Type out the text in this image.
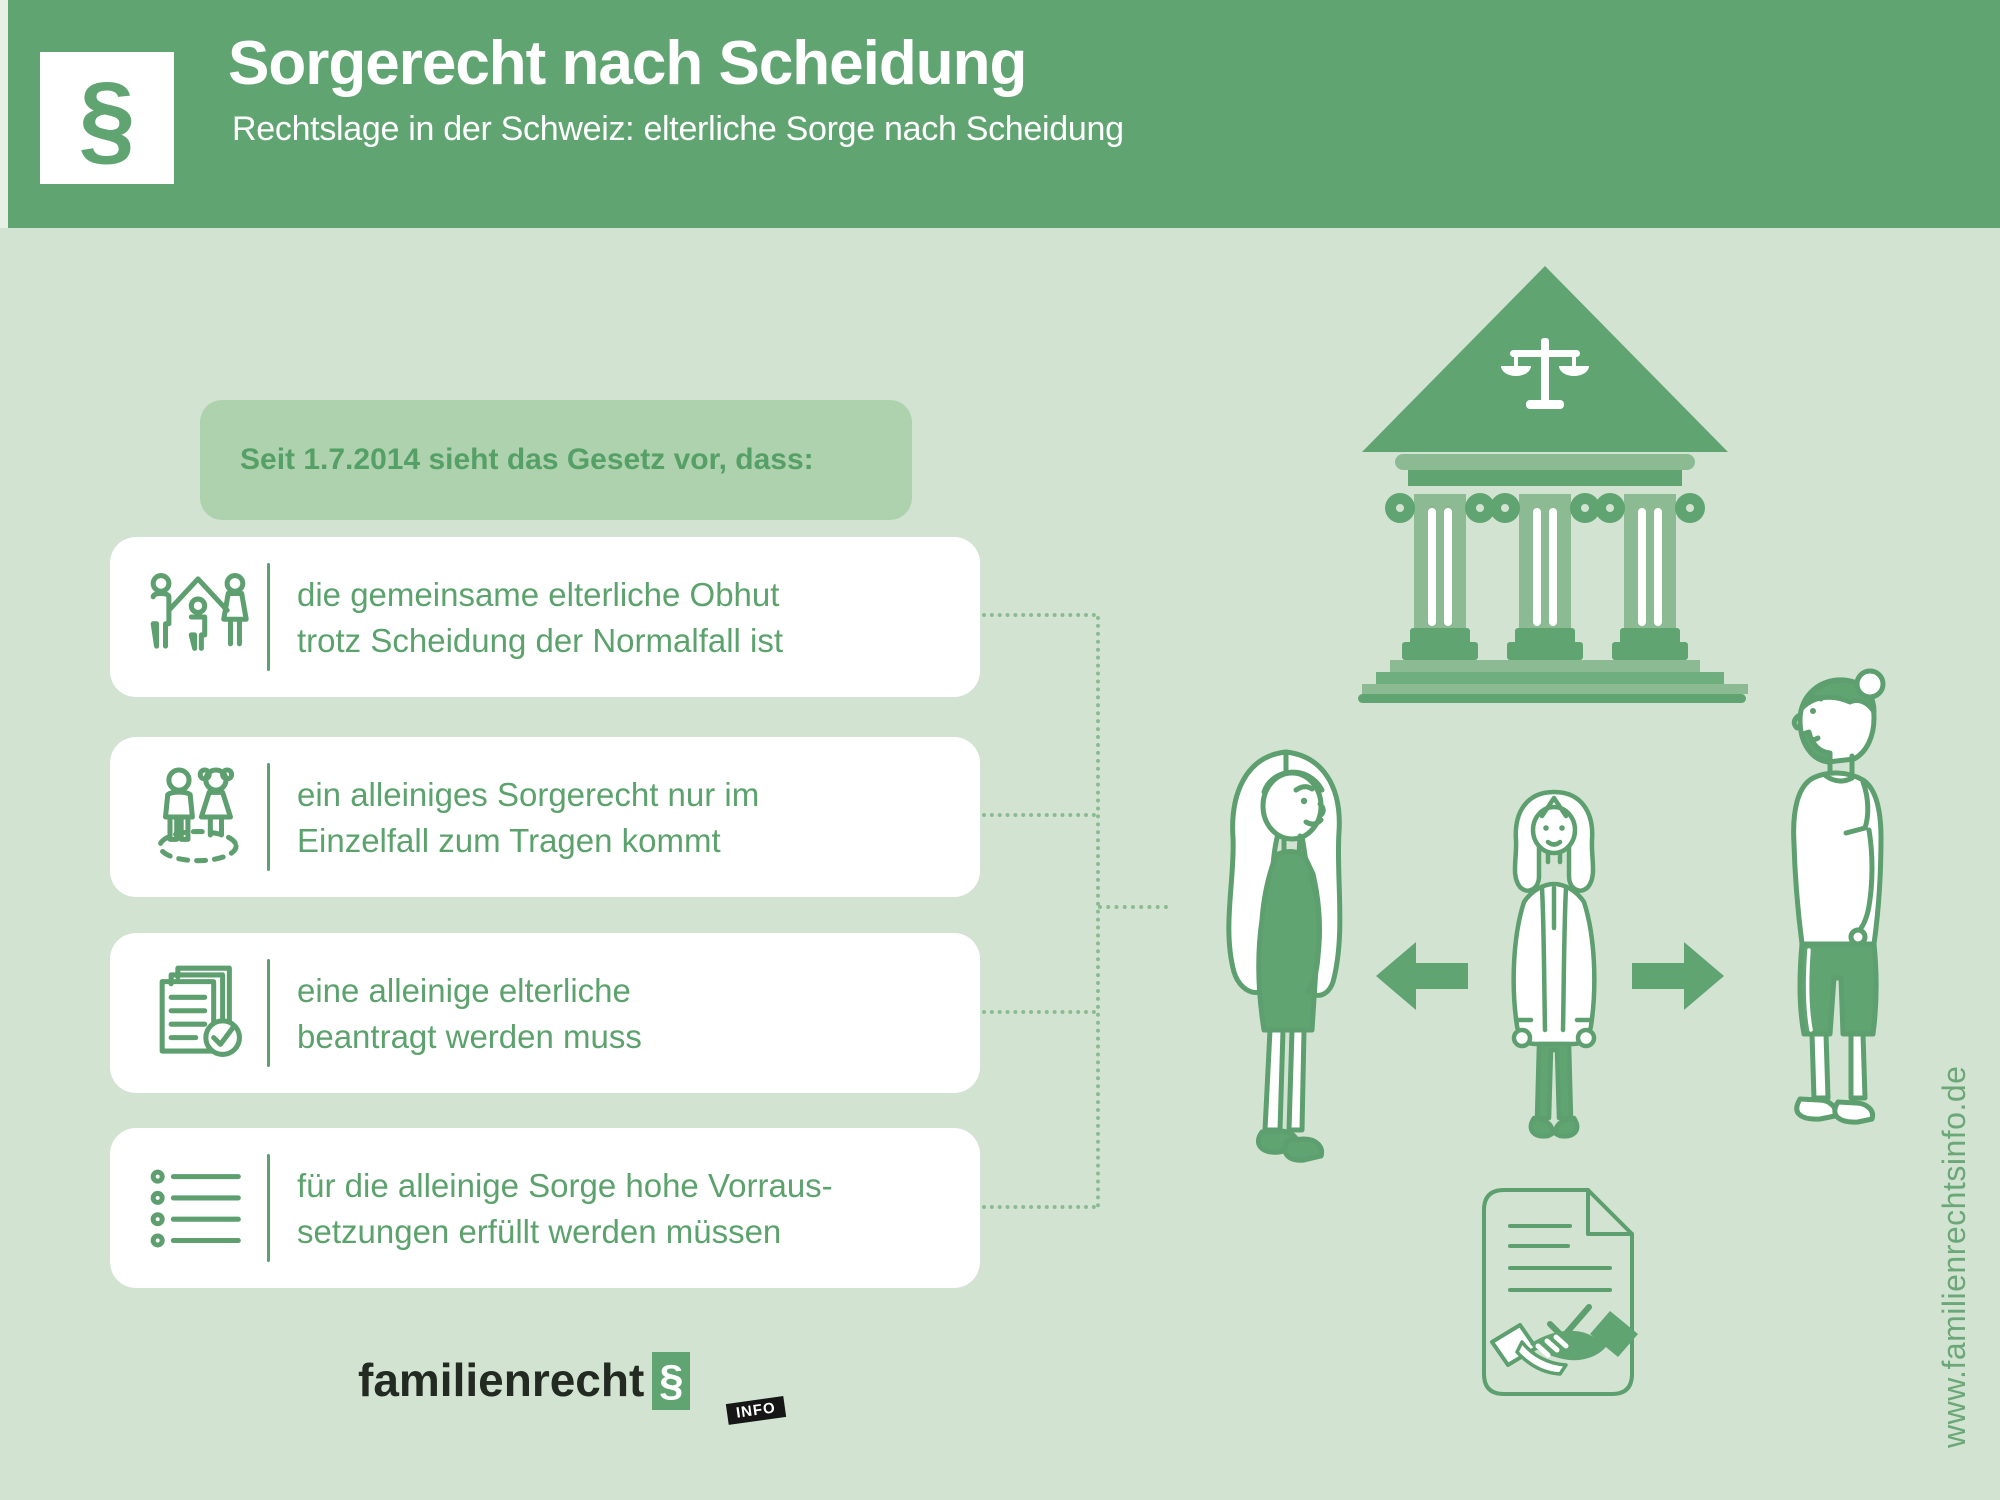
§ Sorgerecht nach Scheidung
Rechtslage in der Schweiz: elterliche Sorge nach Scheidung
Seit 1.7.2014 sieht das Gesetz vor, dass:
die gemeinsame elterliche Obhut
trotz Scheidung der Normalfall ist
ein alleiniges Sorgerecht nur im
Einzelfall zum Tragen kommt
eine alleinige elterliche
beantragt werden muss
für die alleinige Sorge hohe Vorraus-
setzungen erfüllt werden müssen
familienrecht §
INFO	www.familienrechtsinfo.de
